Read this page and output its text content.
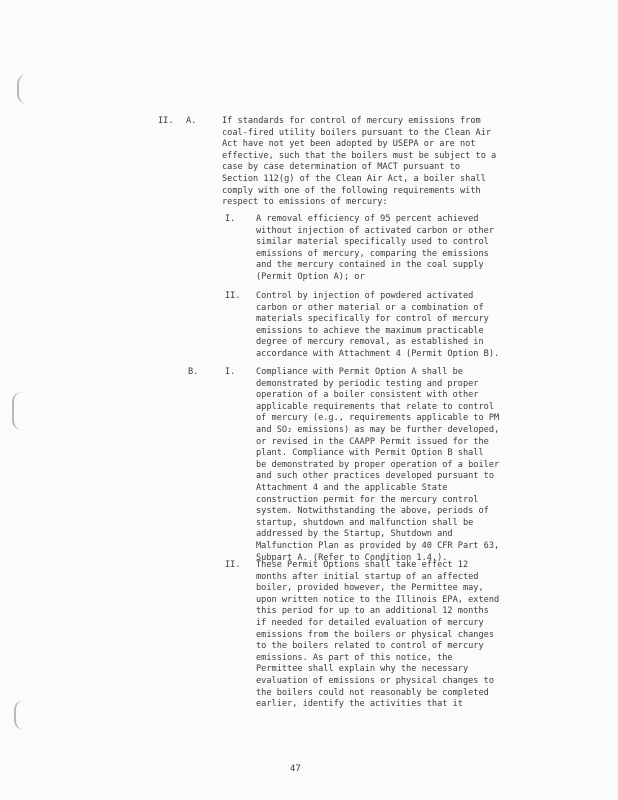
II. A.	If standards for control of mercury emissions from
coal-fired utility boilers pursuant to the Clean Air
Act have not yet been adopted by USEPA or are not
effective, such that the boilers must be subject to a
case by case determination of MACT pursuant to
Section 112(g) of the Clean Air Act, a boiler shall
comply with one of the following requirements with
respect to emissions of mercury:
I. A removal efficiency of 95 percent achieved
without injection of activated carbon or other
similar material specifically used to control
emissions of mercury, comparing the emissions
and the mercury contained in the coal supply
(Permit Option A); or
II. Control by injection of powdered activated
carbon or other material or a combination of
materials specifically for control of mercury
emissions to achieve the maximum practicable
degree of mercury removal, as established in
accordance with Attachment 4 (Permit Option B).
B.	I. Compliance with Permit Option A shall be
demonstrated by periodic testing and proper
operation of a boiler consistent with other
applicable requirements that relate to control
of mercury (e.g., requirements applicable to PM
and SO₂ emissions) as may be further developed,
or revised in the CAAPP Permit issued for the
plant. Compliance with Permit Option B shall
be demonstrated by proper operation of a boiler
and such other practices developed pursuant to
Attachment 4 and the applicable State
construction permit for the mercury control
system. Notwithstanding the above, periods of
startup, shutdown and malfunction shall be
addressed by the Startup, Shutdown and
Malfunction Plan as provided by 40 CFR Part 63,
Subpart A. (Refer to Condition 1.4.).
II. These Permit Options shall take effect 12
months after initial startup of an affected
boiler, provided however, the Permittee may,
upon written notice to the Illinois EPA, extend
this period for up to an additional 12 months
if needed for detailed evaluation of mercury
emissions from the boilers or physical changes
to the boilers related to control of mercury
emissions. As part of this notice, the
Permittee shall explain why the necessary
evaluation of emissions or physical changes to
the boilers could not reasonably be completed
earlier, identify the activities that it
47
